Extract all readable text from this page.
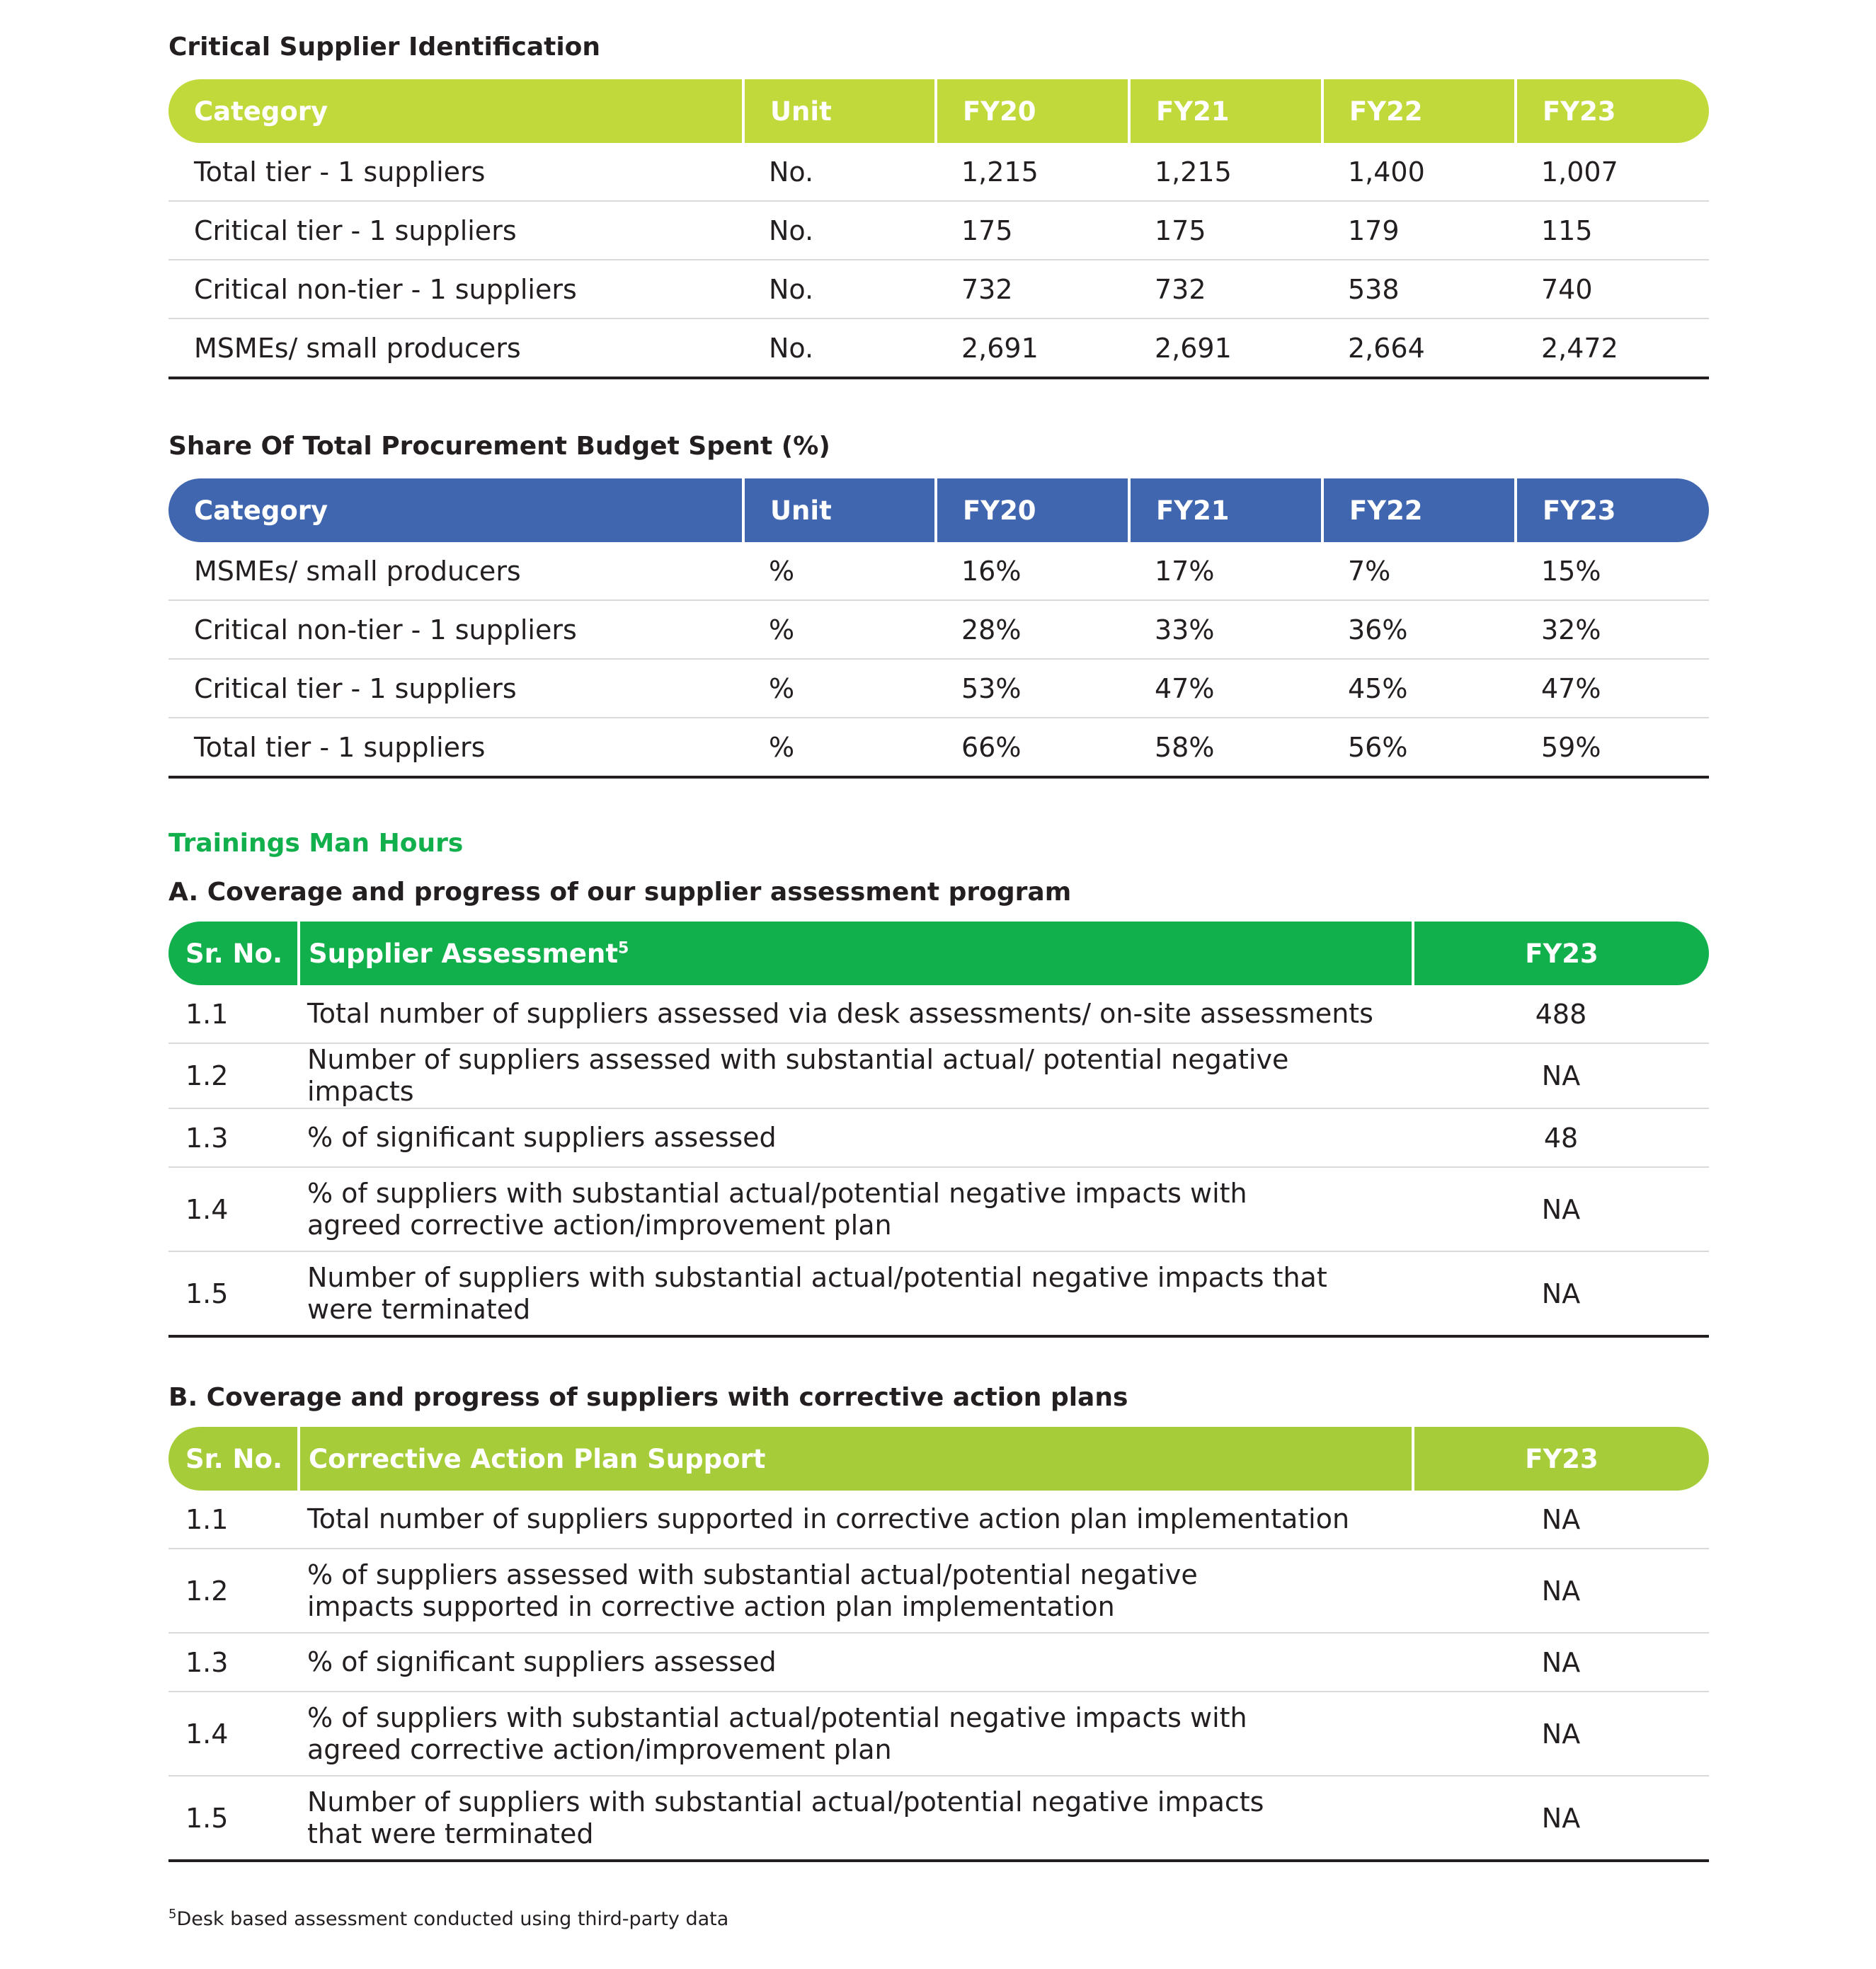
Critical Supplier Identification
Category	Unit	FY20	FY21	FY22	FY23
Total tier - 1 suppliers	No.	1,215	1,215	1,400	1,007
Critical tier - 1 suppliers	No.	175	175	179	115
Critical non-tier - 1 suppliers	No.	732	732	538	740
MSMEs/ small producers	No.	2,691	2,691	2,664	2,472
Share Of Total Procurement Budget Spent (%)
Category	Unit	FY20	FY21	FY22	FY23
MSMEs/ small producers	%	16%	17%	7%	15%
Critical non-tier - 1 suppliers	%	28%	33%	36%	32%
Critical tier - 1 suppliers	%	53%	47%	45%	47%
Total tier - 1 suppliers	%	66%	58%	56%	59%
Trainings Man Hours
A. Coverage and progress of our supplier assessment program
Sr. No.	Supplier Assessment$^5$	FY23
1.1	Total number of suppliers assessed via desk assessments/ on-site assessments	488
1.2	Number of suppliers assessed with substantial actual/ potential negative impacts	NA
1.3	% of significant suppliers assessed	48
1.4	% of suppliers with substantial actual/potential negative impacts with agreed corrective action/improvement plan	NA
1.5	Number of suppliers with substantial actual/potential negative impacts that were terminated	NA
B. Coverage and progress of suppliers with corrective action plans
Sr. No.	Corrective Action Plan Support	FY23
1.1	Total number of suppliers supported in corrective action plan implementation	NA
1.2	% of suppliers assessed with substantial actual/potential negative impacts supported in corrective action plan implementation	NA
1.3	% of significant suppliers assessed	NA
1.4	% of suppliers with substantial actual/potential negative impacts with agreed corrective action/improvement plan	NA
1.5	Number of suppliers with substantial actual/potential negative impacts that were terminated	NA
$^5$Desk based assessment conducted using third-party data
